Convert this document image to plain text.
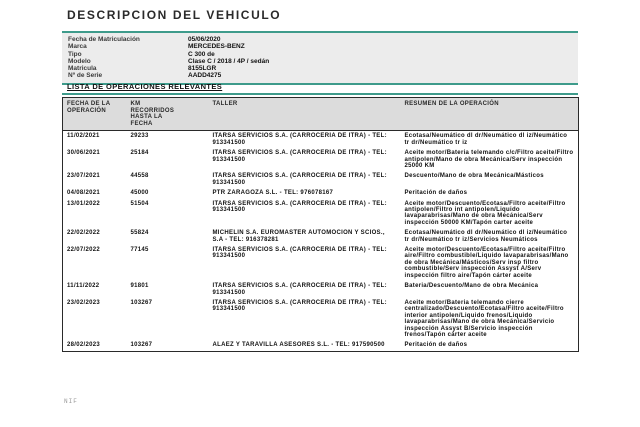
DESCRIPCION DEL VEHICULO
Fecha de Matriculación	05/06/2020
Marca	MERCEDES-BENZ
Tipo	C 300 de
Modelo	Clase C / 2018 / 4P / sedán
Matricula	8155LGR
Nº de Serie	AADD4275
LISTA DE OPERACIONES RELEVANTES
FECHA DE LA OPERACIÓN	KM RECORRIDOS HASTA LA FECHA	TALLER	RESUMEN DE LA OPERACIÓN
11/02/2021	29233	ITARSA SERVICIOS S.A. (CARROCERIA DE ITRA) - TEL: 913341500	Ecotasa/Neumático dl dr/Neumático dl iz/Neumático tr dr/Neumático tr iz
30/06/2021	25184	ITARSA SERVICIOS S.A. (CARROCERIA DE ITRA) - TEL: 913341500	Aceite motor/Bateria telemando c/c/Filtro aceite/Filtro antipolen/Mano de obra Mecánica/Serv inspección 25000 KM
23/07/2021	44558	ITARSA SERVICIOS S.A. (CARROCERIA DE ITRA) - TEL: 913341500	Descuento/Mano de obra Mecánica/Másticos
04/08/2021	45000	PTR ZARAGOZA S.L. - TEL: 976078167	Peritación de daños
13/01/2022	51504	ITARSA SERVICIOS S.A. (CARROCERIA DE ITRA) - TEL: 913341500	Aceite motor/Descuento/Ecotasa/Filtro aceite/Filtro antipolen/Filtro int antipolen/Liquido lavaparabrisas/Mano de obra Mecánica/Serv inspección 50000 KM/Tapón carter aceite
22/02/2022	55824	MICHELIN S.A. EUROMASTER AUTOMOCION Y SCIOS., S.A - TEL: 916378281	Ecotasa/Neumático dl dr/Neumático dl iz/Neumático tr dr/Neumático tr iz/Servicios Neumáticos
22/07/2022	77145	ITARSA SERVICIOS S.A. (CARROCERIA DE ITRA) - TEL: 913341500	Aceite motor/Descuento/Ecotasa/Filtro aceite/Filtro aire/Filtro combustible/Liquido lavaparabrisas/Mano de obra Mecánica/Másticos/Serv insp filtro combustible/Serv inspección Assyst A/Serv inspección filtro aire/Tapón cárter aceite
11/11/2022	91801	ITARSA SERVICIOS S.A. (CARROCERIA DE ITRA) - TEL: 913341500	Bateria/Descuento/Mano de obra Mecánica
23/02/2023	103267	ITARSA SERVICIOS S.A. (CARROCERIA DE ITRA) - TEL: 913341500	Aceite motor/Bateria telemando cierre centralizado/Descuento/Ecotasa/Filtro aceite/Filtro interior antipolen/Liquido frenos/Liquido lavaparabrisas/Mano de obra Mecánica/Servicio inspección Assyst B/Servicio inspección frenos/Tapón cárter aceite
28/02/2023	103267	ALAEZ Y TARAVILLA ASESORES S.L. - TEL: 917590500	Peritación de daños
NIF
